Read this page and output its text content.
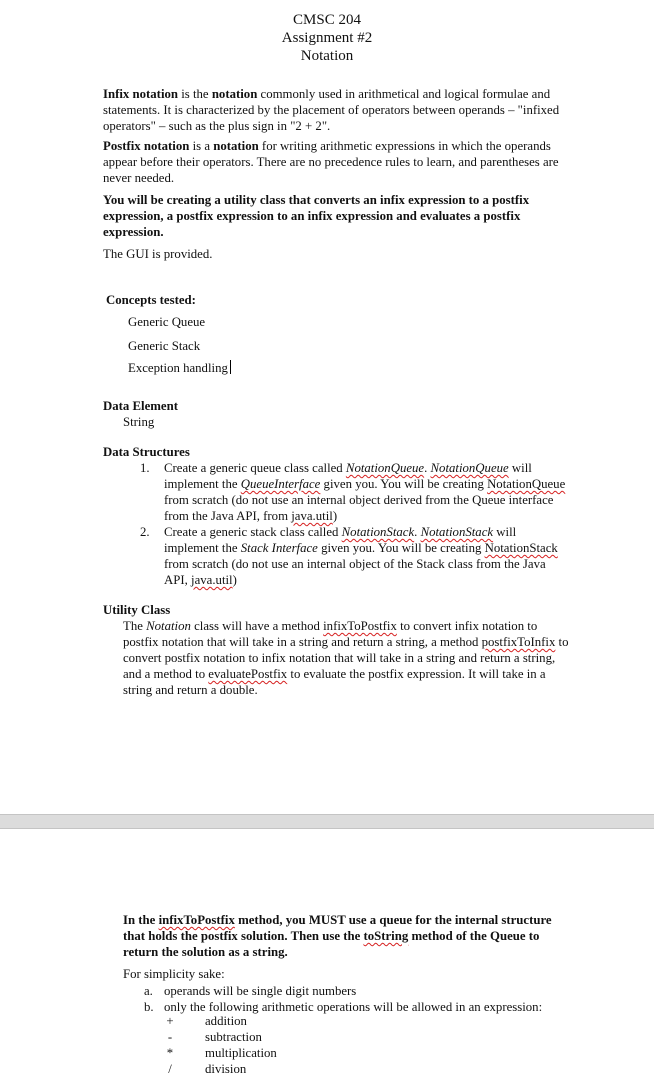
CMSC 204
Assignment #2
Notation

Infix notation is the notation commonly used in arithmetical and logical formulae and statements. It is characterized by the placement of operators between operands – "infixed operators" – such as the plus sign in "2 + 2".

Postfix notation is a notation for writing arithmetic expressions in which the operands appear before their operators. There are no precedence rules to learn, and parentheses are never needed.

You will be creating a utility class that converts an infix expression to a postfix expression, a postfix expression to an infix expression and evaluates a postfix expression.

The GUI is provided.

Concepts tested:
Generic Queue
Generic Stack
Exception handling
Data Element
String
Data Structures

1. Create a generic queue class called NotationQueue. NotationQueue will implement the QueueInterface given you. You will be creating NotationQueue from scratch (do not use an internal object derived from the Queue interface from the Java API, from java.util)

2. Create a generic stack class called NotationStack. NotationStack will implement the Stack Interface given you. You will be creating NotationStack from scratch (do not use an internal object of the Stack class from the Java API, java.util)

Utility Class

The Notation class will have a method infixToPostfix to convert infix notation to postfix notation that will take in a string and return a string, a method postfixToInfix to convert postfix notation to infix notation that will take in a string and return a string, and a method to evaluatePostfix to evaluate the postfix expression. It will take in a string and return a double.

In the infixToPostfix method, you MUST use a queue for the internal structure that holds the postfix solution. Then use the toString method of the Queue to return the solution as a string.

For simplicity sake:
a. operands will be single digit numbers
b. only the following arithmetic operations will be allowed in an expression:
+ addition
-	subtraction
* multiplication
/	division
